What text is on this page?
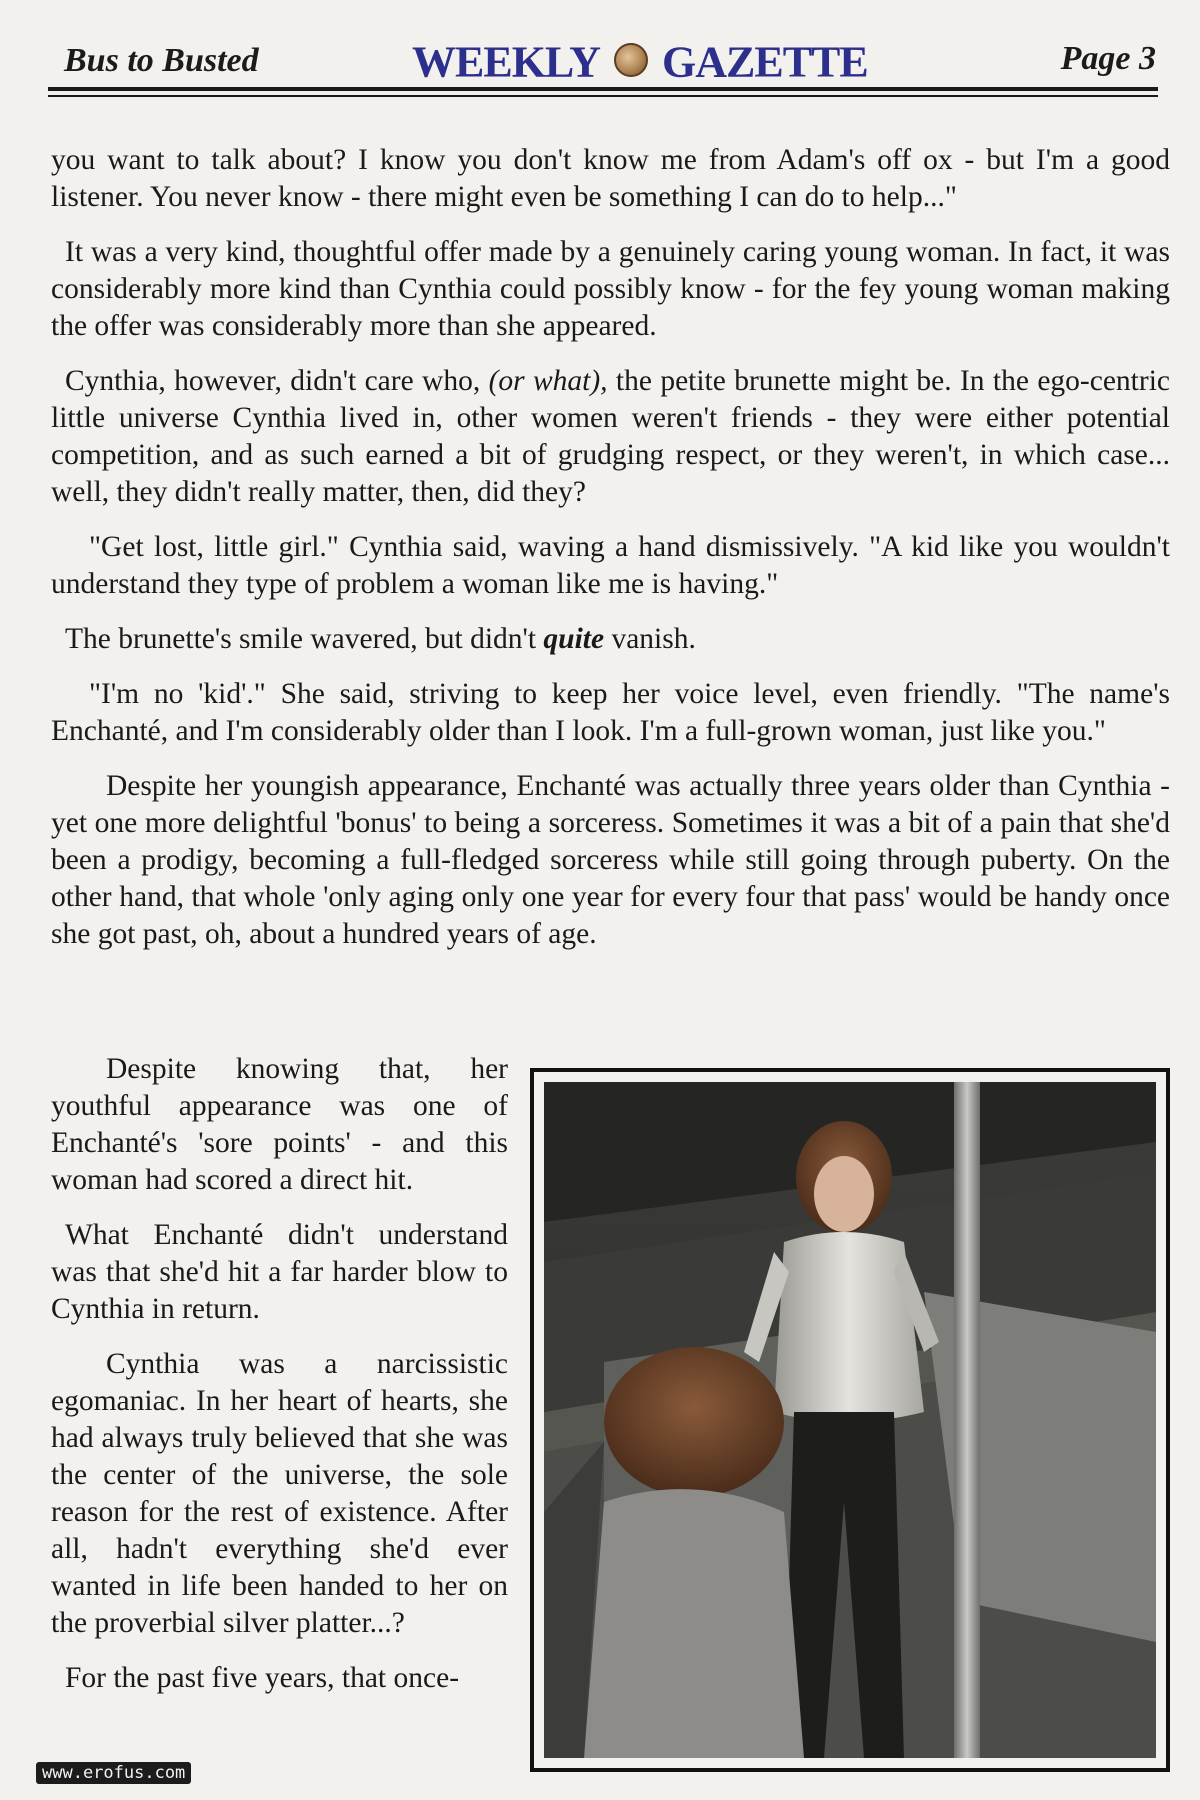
Bus to Busted	WEEKLY GAZETTE	Page 3

you want to talk about? I know you don't know me from Adam's off ox - but I'm a good listener. You never know - there might even be something I can do to help..."

It was a very kind, thoughtful offer made by a genuinely caring young woman. In fact, it was considerably more kind than Cynthia could possibly know - for the fey young woman making the offer was considerably more than she appeared.

Cynthia, however, didn't care who, (or what), the petite brunette might be. In the ego-centric little universe Cynthia lived in, other women weren't friends - they were either potential competition, and as such earned a bit of grudging respect, or they weren't, in which case... well, they didn't really matter, then, did they?

"Get lost, little girl." Cynthia said, waving a hand dismissively. "A kid like you wouldn't understand they type of problem a woman like me is having."

The brunette's smile wavered, but didn't quite vanish.

"I'm no 'kid'." She said, striving to keep her voice level, even friendly. "The name's Enchanté, and I'm considerably older than I look. I'm a full-grown woman, just like you."

Despite her youngish appearance, Enchanté was actually three years older than Cynthia - yet one more delightful 'bonus' to being a sorceress. Sometimes it was a bit of a pain that she'd been a prodigy, becoming a full-fledged sorceress while still going through puberty. On the other hand, that whole 'only aging only one year for every four that pass' would be handy once she got past, oh, about a hundred years of age.

Despite knowing that, her youthful appearance was one of Enchanté's 'sore points' - and this woman had scored a direct hit.

What Enchanté didn't understand was that she'd hit a far harder blow to Cynthia in return.

Cynthia was a narcissistic egomaniac. In her heart of hearts, she had always truly believed that she was the center of the universe, the sole reason for the rest of existence. After all, hadn't everything she'd ever wanted in life been handed to her on the proverbial silver platter...?

For the past five years, that once-

www.erofus.com
